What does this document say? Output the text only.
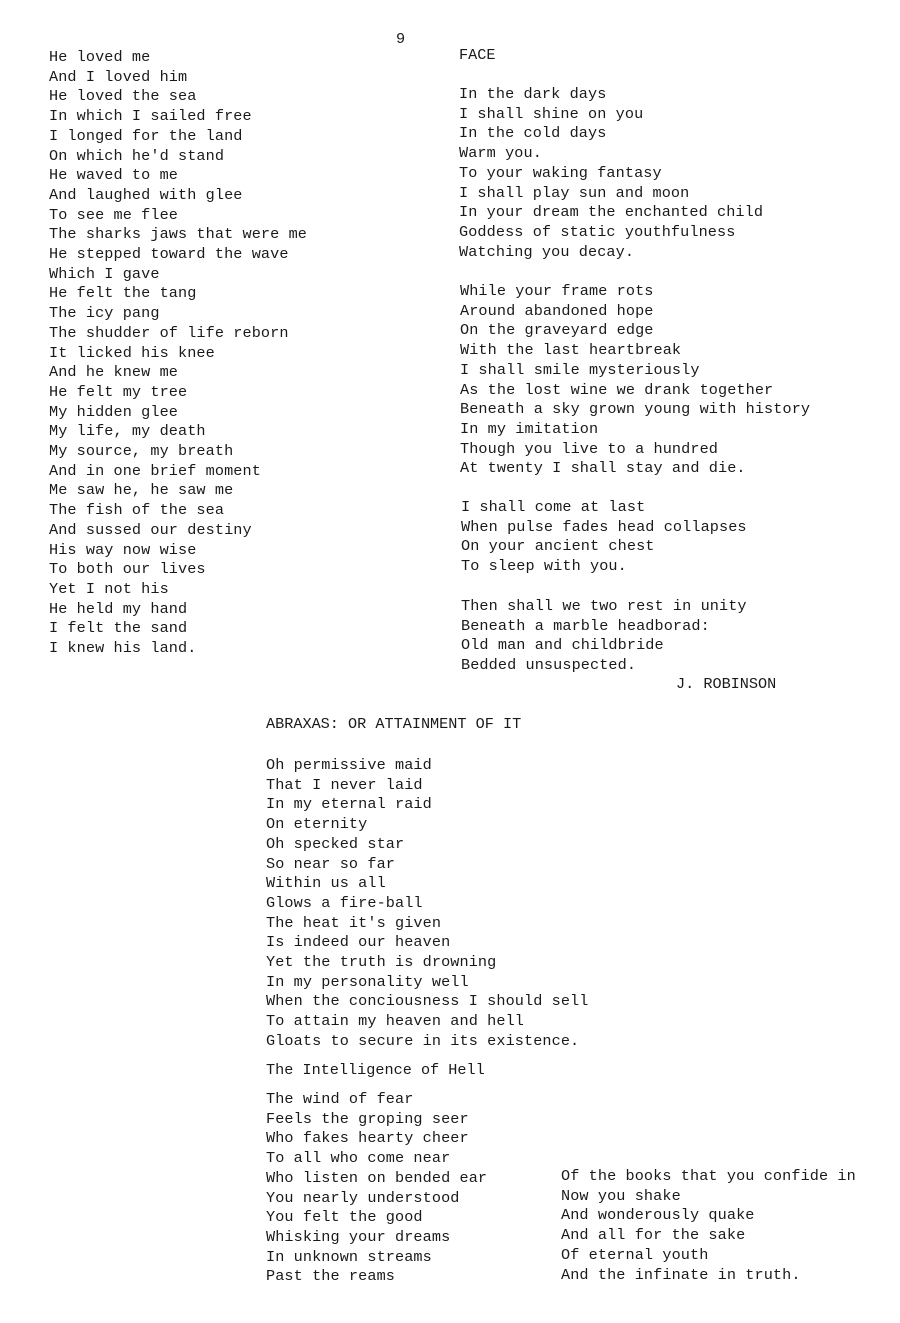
9
He loved me
And I loved him
He loved the sea
In which I sailed free
I longed for the land
On which he'd stand
He waved to me
And laughed with glee
To see me flee
The sharks jaws that were me
He stepped toward the wave
Which I gave
He felt the tang
The icy pang
The shudder of life reborn
It licked his knee
And he knew me
He felt my tree
My hidden glee
My life, my death
My source, my breath
And in one brief moment
Me saw he, he saw me
The fish of the sea
And sussed our destiny
His way now wise
To both our lives
Yet I not his
He held my hand
I felt the sand
I knew his land.
FACE
In the dark days
I shall shine on you
In the cold days
Warm you.
To your waking fantasy
I shall play sun and moon
In your dream the enchanted child
Goddess of static youthfulness
Watching you decay.
While your frame rots
Around abandoned hope
On the graveyard edge
With the last heartbreak
I shall smile mysteriously
As the lost wine we drank together
Beneath a sky grown young with history
In my imitation
Though you live to a hundred
At twenty I shall stay and die.
I shall come at last
When pulse fades head collapses
On your ancient chest
To sleep with you.
Then shall we two rest in unity
Beneath a marble headborad:
Old man and childbride
Bedded unsuspected.
J. ROBINSON
ABRAXAS: OR ATTAINMENT OF IT
Oh permissive maid
That I never laid
In my eternal raid
On eternity
Oh specked star
So near so far
Within us all
Glows a fire-ball
The heat it's given
Is indeed our heaven
Yet the truth is drowning
In my personality well
When the conciousness I should sell
To attain my heaven and hell
Gloats to secure in its existence.
The Intelligence of Hell
The wind of fear
Feels the groping seer
Who fakes hearty cheer
To all who come near
Who listen on bended ear
You nearly understood
You felt the good
Whisking your dreams
In unknown streams
Past the reams
Of the books that you confide in
Now you shake
And wonderously quake
And all for the sake
Of eternal youth
And the infinate in truth.
